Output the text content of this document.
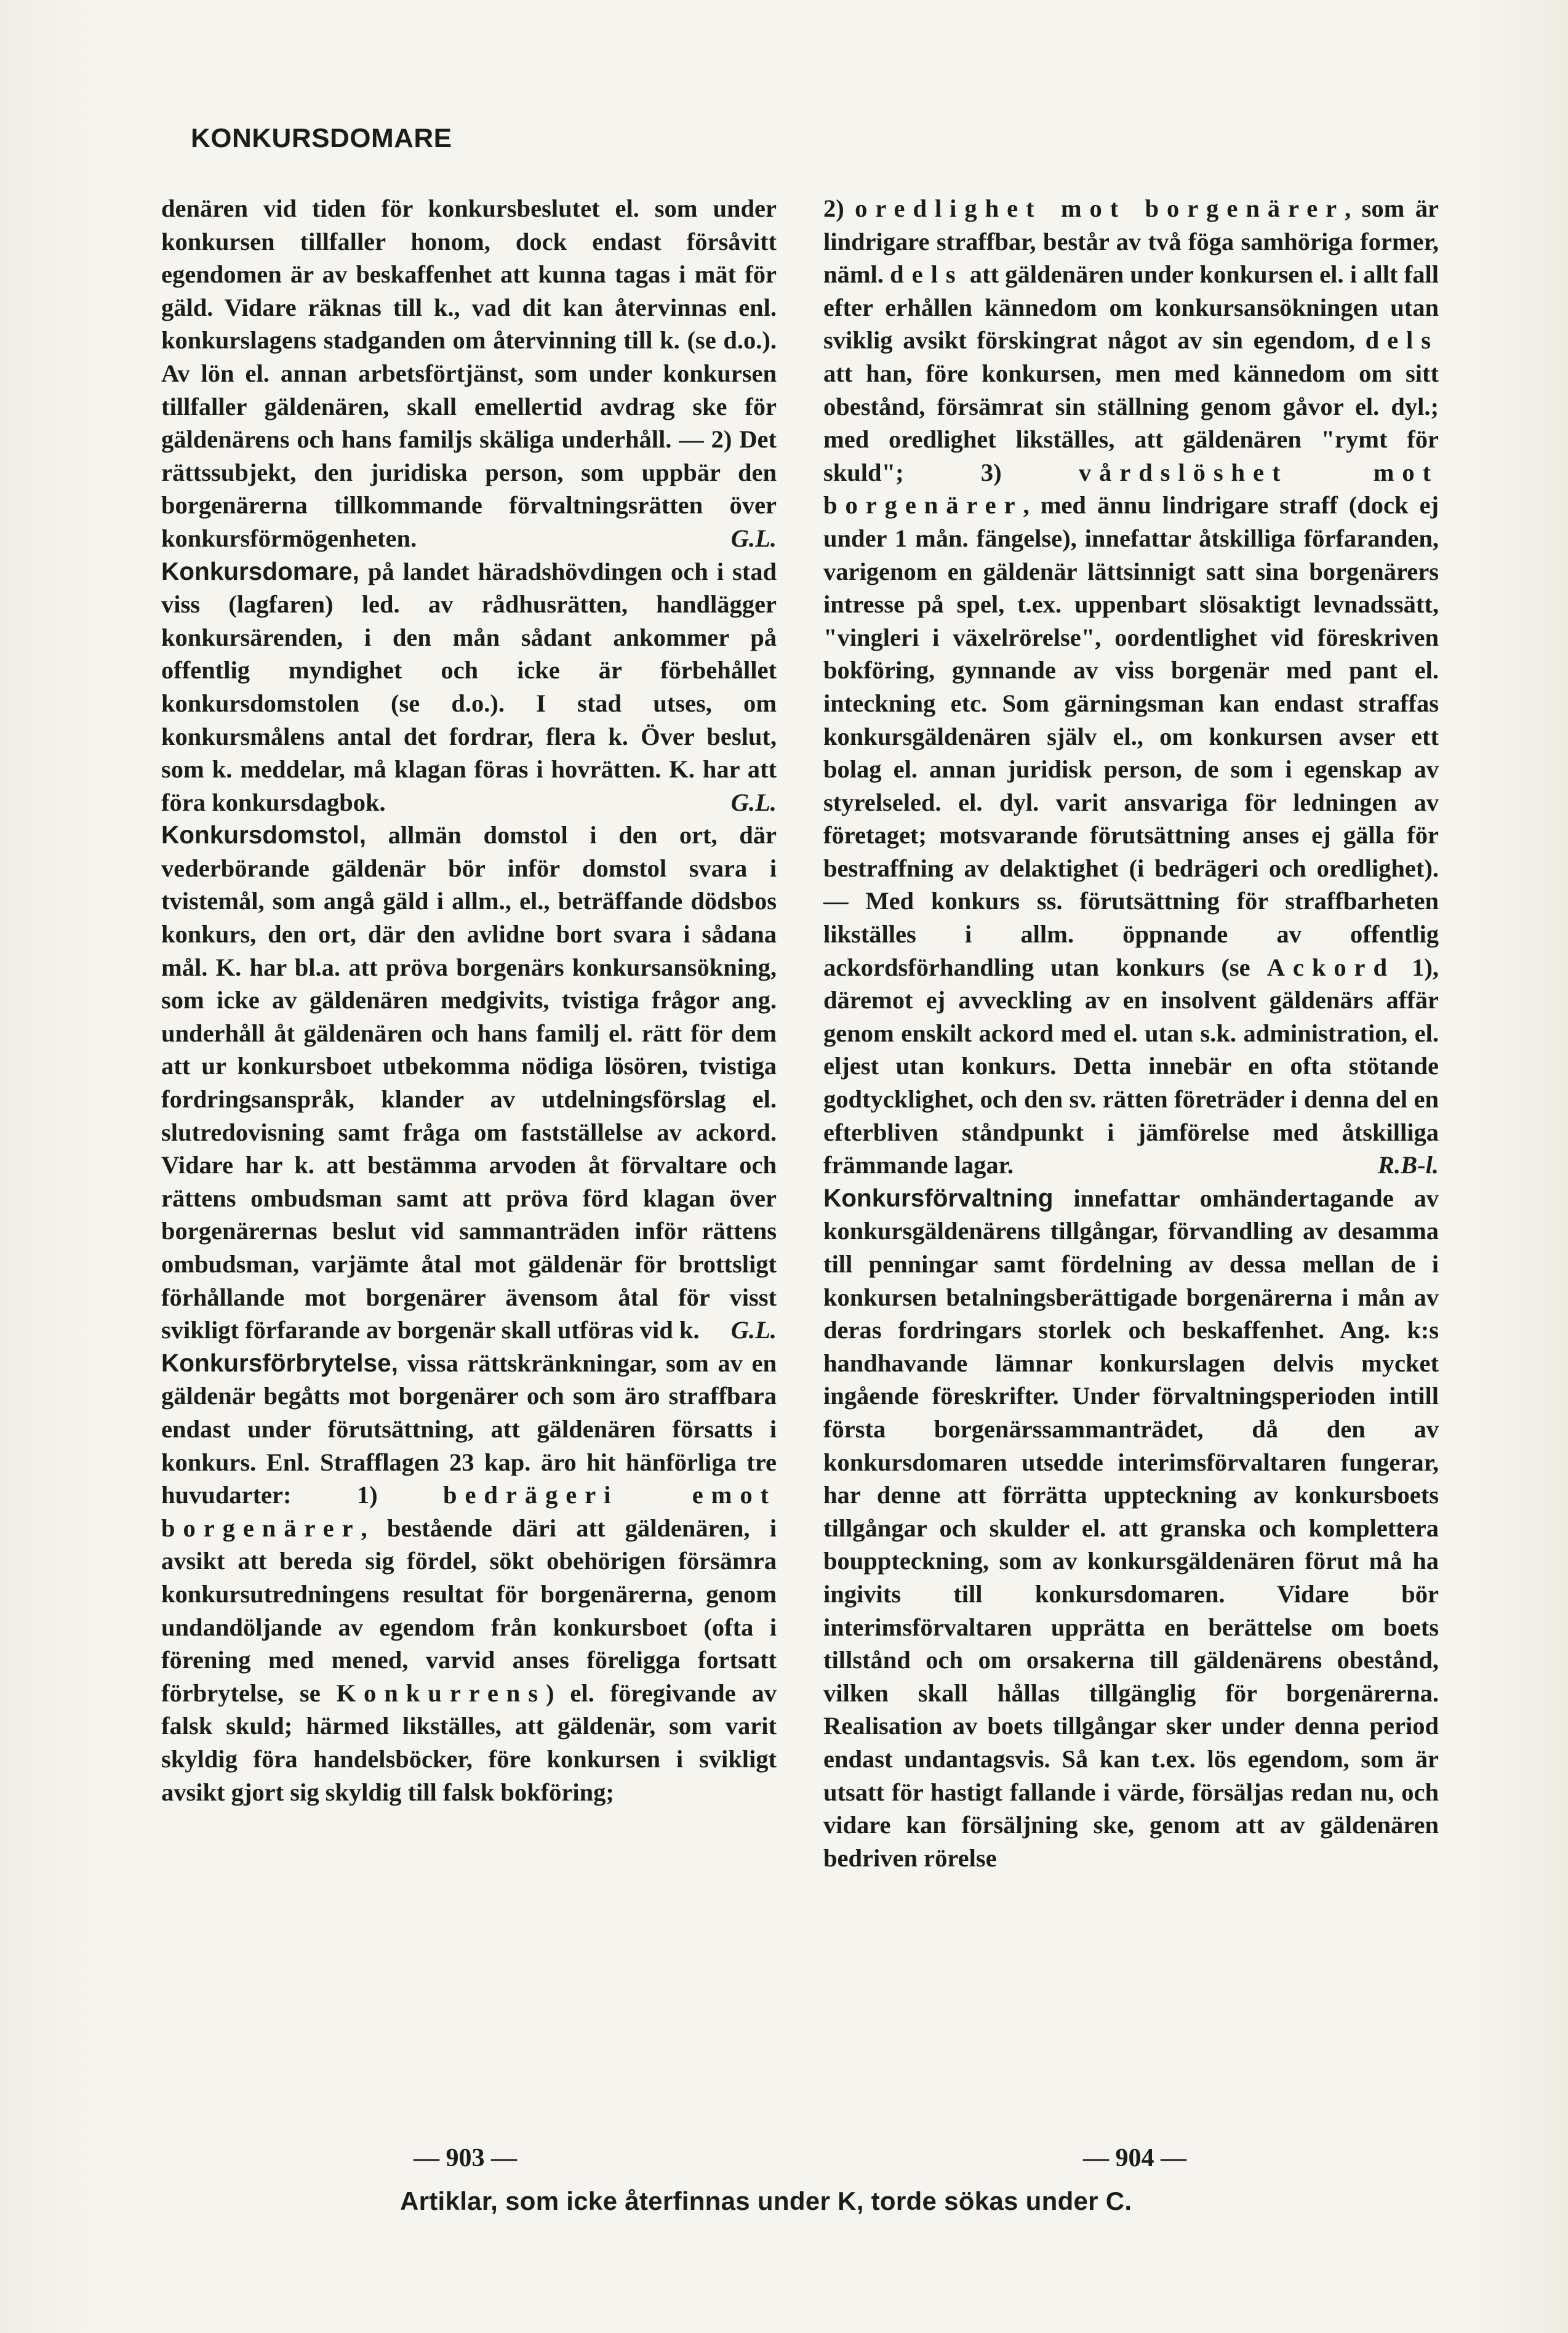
KONKURSDOMARE

denären vid tiden för konkursbeslutet el. som under konkursen tillfaller honom, dock endast försåvitt egendomen är av beskaffenhet att kunna tagas i mät för gäld. Vidare räknas till k., vad dit kan återvinnas enl. konkurslagens stadganden om återvinning till k. (se d.o.). Av lön el. annan arbetsförtjänst, som under konkursen tillfaller gäldenären, skall emellertid avdrag ske för gäldenärens och hans familjs skäliga underhåll. — 2) Det rättssubjekt, den juridiska person, som uppbär den borgenärerna tillkommande förvaltningsrätten över konkursförmögenheten.	G.L.

Konkursdomare, på landet häradshövdingen och i stad viss (lagfaren) led. av rådhusrätten, handlägger konkursärenden, i den mån sådant ankommer på offentlig myndighet och icke är förbehållet konkursdomstolen (se d.o.). I stad utses, om konkursmålens antal det fordrar, flera k. Över beslut, som k. meddelar, må klagan föras i hovrätten. K. har att föra konkursdagbok.	G.L.

Konkursdomstol, allmän domstol i den ort, där vederbörande gäldenär bör inför domstol svara i tvistemål, som angå gäld i allm., el., beträffande dödsbos konkurs, den ort, där den avlidne bort svara i sådana mål. K. har bl.a. att pröva borgenärs konkursansökning, som icke av gäldenären medgivits, tvistiga frågor ang. underhåll åt gäldenären och hans familj el. rätt för dem att ur konkursboet utbekomma nödiga lösören, tvistiga fordringsanspråk, klander av utdelningsförslag el. slutredovisning samt fråga om fastställelse av ackord. Vidare har k. att bestämma arvoden åt förvaltare och rättens ombudsman samt att pröva förd klagan över borgenärernas beslut vid sammanträden inför rättens ombudsman, varjämte åtal mot gäldenär för brottsligt förhållande mot borgenärer ävensom åtal för visst svikligt förfarande av borgenär skall utföras vid k.	G.L.

Konkursförbrytelse, vissa rättskränkningar, som av en gäldenär begåtts mot borgenärer och som äro straffbara endast under förutsättning, att gäldenären försatts i konkurs. Enl. Strafflagen 23 kap. äro hit hänförliga tre huvudarter: 1) bedrägeri emot borgenärer, bestående däri att gäldenären, i avsikt att bereda sig fördel, sökt obehörigen försämra konkursutredningens resultat för borgenärerna, genom undandöljande av egendom från konkursboet (ofta i förening med mened, varvid anses föreligga fortsatt förbrytelse, se Konkurrens) el. föregivande av falsk skuld; härmed likställes, att gäldenär, som varit skyldig föra handelsböcker, före konkursen i svikligt avsikt gjort sig skyldig till falsk bokföring;

2) oredlighet mot borgenärer, som är lindrigare straffbar, består av två föga samhöriga former, näml. dels att gäldenären under konkursen el. i allt fall efter erhållen kännedom om konkursansökningen utan sviklig avsikt förskingrat något av sin egendom, dels att han, före konkursen, men med kännedom om sitt obestånd, försämrat sin ställning genom gåvor el. dyl.; med oredlighet likställes, att gäldenären "rymt för skuld"; 3) vårdslöshet mot borgenärer, med ännu lindrigare straff (dock ej under 1 mån. fängelse), innefattar åtskilliga förfaranden, varigenom en gäldenär lättsinnigt satt sina borgenärers intresse på spel, t.ex. uppenbart slösaktigt levnadssätt, "vingleri i växelrörelse", oordentlighet vid föreskriven bokföring, gynnande av viss borgenär med pant el. inteckning etc. Som gärningsman kan endast straffas konkursgäldenären själv el., om konkursen avser ett bolag el. annan juridisk person, de som i egenskap av styrelseled. el. dyl. varit ansvariga för ledningen av företaget; motsvarande förutsättning anses ej gälla för bestraffning av delaktighet (i bedrägeri och oredlighet). — Med konkurs ss. förutsättning för straffbarheten likställes i allm. öppnande av offentlig ackordsförhandling utan konkurs (se Ackord 1), däremot ej avveckling av en insolvent gäldenärs affär genom enskilt ackord med el. utan s.k. administration, el. eljest utan konkurs. Detta innebär en ofta stötande godtycklighet, och den sv. rätten företräder i denna del en efterbliven ståndpunkt i jämförelse med åtskilliga främmande lagar.	R.B-l.

Konkursförvaltning innefattar omhändertagande av konkursgäldenärens tillgångar, förvandling av desamma till penningar samt fördelning av dessa mellan de i konkursen betalningsberättigade borgenärerna i mån av deras fordringars storlek och beskaffenhet. Ang. k:s handhavande lämnar konkurslagen delvis mycket ingående föreskrifter. Under förvaltningsperioden intill första borgenärssammanträdet, då den av konkursdomaren utsedde interimsförvaltaren fungerar, har denne att förrätta uppteckning av konkursboets tillgångar och skulder el. att granska och komplettera bouppteckning, som av konkursgäldenären förut må ha ingivits till konkursdomaren. Vidare bör interimsförvaltaren upprätta en berättelse om boets tillstånd och om orsakerna till gäldenärens obestånd, vilken skall hållas tillgänglig för borgenärerna. Realisation av boets tillgångar sker under denna period endast undantagsvis. Så kan t.ex. lös egendom, som är utsatt för hastigt fallande i värde, försäljas redan nu, och vidare kan försäljning ske, genom att av gäldenären bedriven rörelse

— 903 —	— 904 —
Artiklar, som icke återfinnas under K, torde sökas under C.
